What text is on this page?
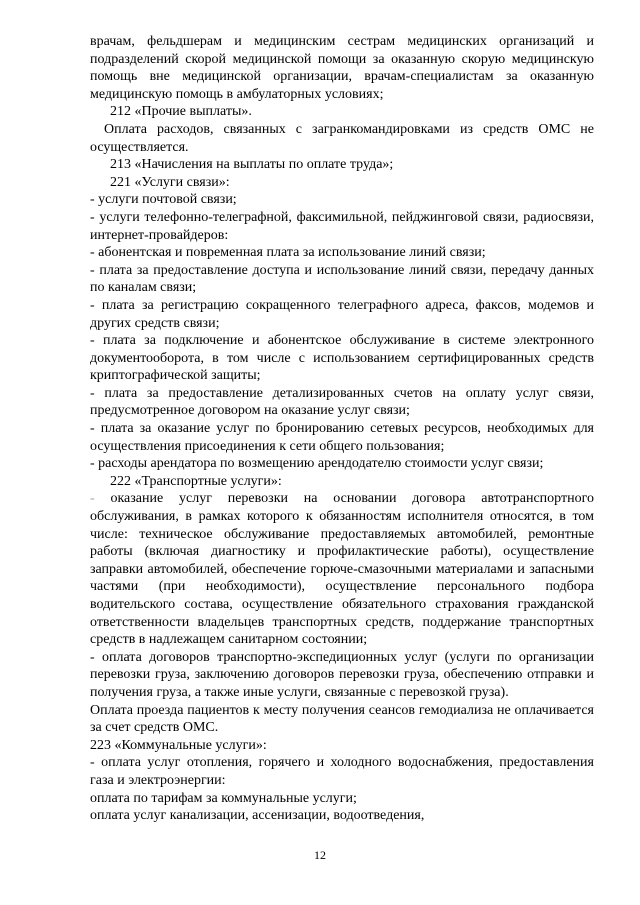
врачам, фельдшерам и медицинским сестрам медицинских организаций и подразделений скорой медицинской помощи за оказанную скорую медицинскую помощь вне медицинской организации, врачам-специалистам за оказанную медицинскую помощь в амбулаторных условиях;

212 «Прочие выплаты».

Оплата расходов, связанных с загранкомандировками из средств ОМС не осуществляется.

213 «Начисления на выплаты по оплате труда»;

221 «Услуги связи»:

- услуги почтовой связи;

- услуги телефонно-телеграфной, факсимильной, пейджинговой связи, радиосвязи, интернет-провайдеров:

- абонентская и повременная плата за использование линий связи;

- плата за предоставление доступа и использование линий связи, передачу данных по каналам связи;

- плата за регистрацию сокращенного телеграфного адреса, факсов, модемов и других средств связи;

- плата за подключение и абонентское обслуживание в системе электронного документооборота, в том числе с использованием сертифицированных средств криптографической защиты;

- плата за предоставление детализированных счетов на оплату услуг связи, предусмотренное договором на оказание услуг связи;

- плата за оказание услуг по бронированию сетевых ресурсов, необходимых для осуществления присоединения к сети общего пользования;

- расходы арендатора по возмещению арендодателю стоимости услуг связи;

222 «Транспортные услуги»:

- оказание услуг перевозки на основании договора автотранспортного обслуживания, в рамках которого к обязанностям исполнителя относятся, в том числе: техническое обслуживание предоставляемых автомобилей, ремонтные работы (включая диагностику и профилактические работы), осуществление заправки автомобилей, обеспечение горюче-смазочными материалами и запасными частями (при необходимости), осуществление персонального подбора водительского состава, осуществление обязательного страхования гражданской ответственности владельцев транспортных средств, поддержание транспортных средств в надлежащем санитарном состоянии;

- оплата договоров транспортно-экспедиционных услуг (услуги по организации перевозки груза, заключению договоров перевозки груза, обеспечению отправки и получения груза, а также иные услуги, связанные с перевозкой груза).

Оплата проезда пациентов к месту получения сеансов гемодиализа не оплачивается за счет средств ОМС.

223 «Коммунальные услуги»:

- оплата услуг отопления, горячего и холодного водоснабжения, предоставления газа и электроэнергии:

оплата по тарифам за коммунальные услуги;

оплата услуг канализации, ассенизации, водоотведения,

12
